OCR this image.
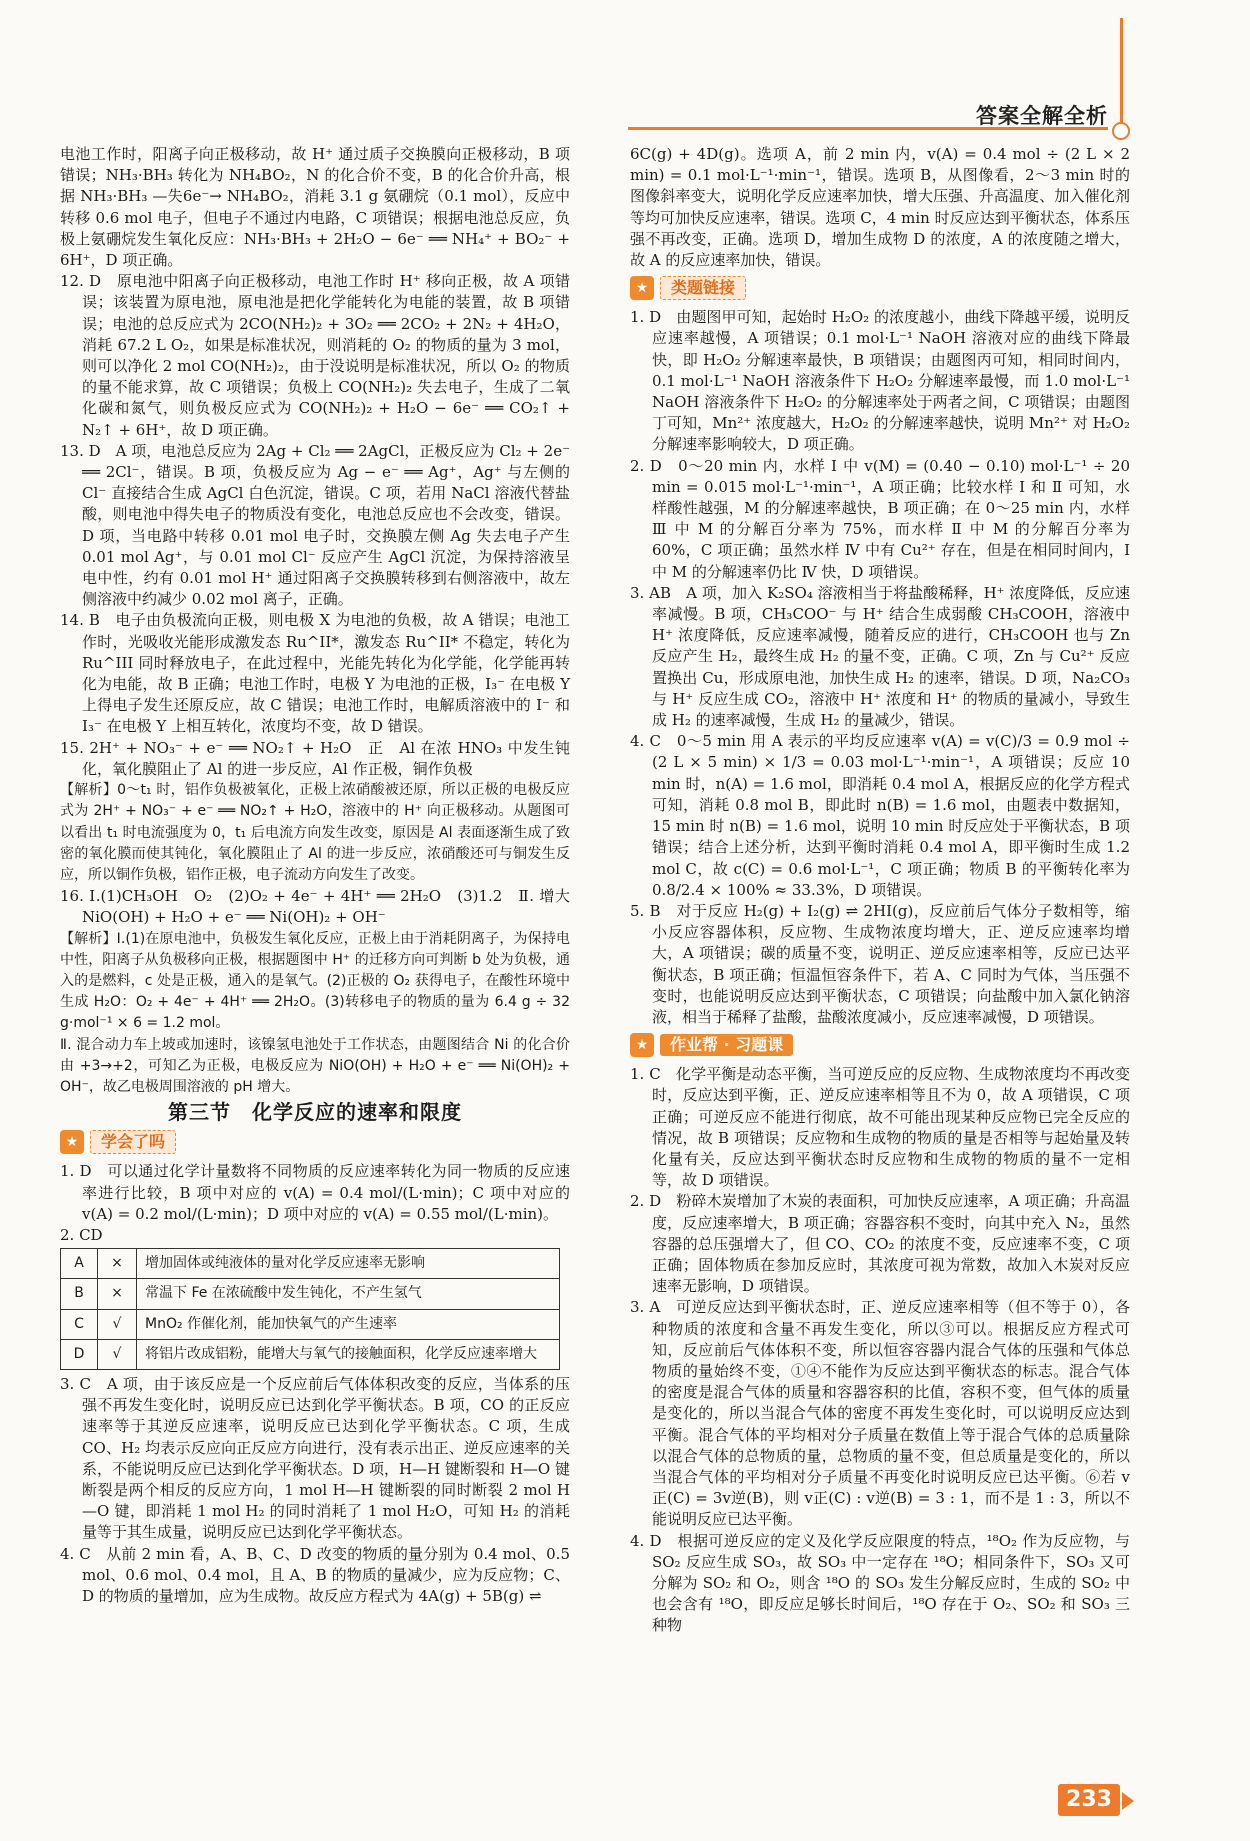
答案全解全析

电池工作时，阳离子向正极移动，故 H⁺ 通过质子交换膜向正极移动，B 项错误；NH₃·BH₃ 转化为 NH₄BO₂，N 的化合价不变，B 的化合价升高，根据 NH₃·BH₃ —失6e⁻→ NH₄BO₂，消耗 3.1 g 氨硼烷（0.1 mol），反应中转移 0.6 mol 电子，但电子不通过内电路，C 项错误；根据电池总反应，负极上氨硼烷发生氧化反应：NH₃·BH₃ + 2H₂O − 6e⁻ ══ NH₄⁺ + BO₂⁻ + 6H⁺，D 项正确。

12. D　原电池中阳离子向正极移动，电池工作时 H⁺ 移向正极，故 A 项错误；该装置为原电池，原电池是把化学能转化为电能的装置，故 B 项错误；电池的总反应式为 2CO(NH₂)₂ + 3O₂ ══ 2CO₂ + 2N₂ + 4H₂O，消耗 67.2 L O₂，如果是标准状况，则消耗的 O₂ 的物质的量为 3 mol，则可以净化 2 mol CO(NH₂)₂，由于没说明是标准状况，所以 O₂ 的物质的量不能求算，故 C 项错误；负极上 CO(NH₂)₂ 失去电子，生成了二氧化碳和氮气，则负极反应式为 CO(NH₂)₂ + H₂O − 6e⁻ ══ CO₂↑ + N₂↑ + 6H⁺，故 D 项正确。

13. D　A 项，电池总反应为 2Ag + Cl₂ ══ 2AgCl，正极反应为 Cl₂ + 2e⁻ ══ 2Cl⁻，错误。B 项，负极反应为 Ag − e⁻ ══ Ag⁺，Ag⁺ 与左侧的 Cl⁻ 直接结合生成 AgCl 白色沉淀，错误。C 项，若用 NaCl 溶液代替盐酸，则电池中得失电子的物质没有变化，电池总反应也不会改变，错误。D 项，当电路中转移 0.01 mol 电子时，交换膜左侧 Ag 失去电子产生 0.01 mol Ag⁺，与 0.01 mol Cl⁻ 反应产生 AgCl 沉淀，为保持溶液呈电中性，约有 0.01 mol H⁺ 通过阳离子交换膜转移到右侧溶液中，故左侧溶液中约减少 0.02 mol 离子，正确。

14. B　电子由负极流向正极，则电极 X 为电池的负极，故 A 错误；电池工作时，光吸收光能形成激发态 Ru^II*，激发态 Ru^II* 不稳定，转化为 Ru^III 同时释放电子，在此过程中，光能先转化为化学能，化学能再转化为电能，故 B 正确；电池工作时，电极 Y 为电池的正极，I₃⁻ 在电极 Y 上得电子发生还原反应，故 C 错误；电池工作时，电解质溶液中的 I⁻ 和 I₃⁻ 在电极 Y 上相互转化，浓度均不变，故 D 错误。

15. 2H⁺ + NO₃⁻ + e⁻ ══ NO₂↑ + H₂O　正　Al 在浓 HNO₃ 中发生钝化，氧化膜阻止了 Al 的进一步反应，Al 作正极，铜作负极

【解析】0～t₁ 时，铝作负极被氧化，正极上浓硝酸被还原，所以正极的电极反应式为 2H⁺ + NO₃⁻ + e⁻ ══ NO₂↑ + H₂O，溶液中的 H⁺ 向正极移动。从题图可以看出 t₁ 时电流强度为 0，t₁ 后电流方向发生改变，原因是 Al 表面逐渐生成了致密的氧化膜而使其钝化，氧化膜阻止了 Al 的进一步反应，浓硝酸还可与铜发生反应，所以铜作负极，铝作正极，电子流动方向发生了改变。

16. Ⅰ.(1)CH₃OH　O₂　(2)O₂ + 4e⁻ + 4H⁺ ══ 2H₂O　(3)1.2　Ⅱ. 增大　NiO(OH) + H₂O + e⁻ ══ Ni(OH)₂ + OH⁻

【解析】Ⅰ.(1)在原电池中，负极发生氧化反应，正极上由于消耗阴离子，为保持电中性，阳离子从负极移向正极，根据题图中 H⁺ 的迁移方向可判断 b 处为负极，通入的是燃料，c 处是正极，通入的是氧气。(2)正极的 O₂ 获得电子，在酸性环境中生成 H₂O：O₂ + 4e⁻ + 4H⁺ ══ 2H₂O。(3)转移电子的物质的量为 6.4 g ÷ 32 g·mol⁻¹ × 6 = 1.2 mol。

Ⅱ. 混合动力车上坡或加速时，该镍氢电池处于工作状态，由题图结合 Ni 的化合价由 +3→+2，可知乙为正极，电极反应为 NiO(OH) + H₂O + e⁻ ══ Ni(OH)₂ + OH⁻，故乙电极周围溶液的 pH 增大。

第三节　化学反应的速率和限度
★	学会了吗

1. D　可以通过化学计量数将不同物质的反应速率转化为同一物质的反应速率进行比较，B 项中对应的 v(A) = 0.4 mol/(L·min)；C 项中对应的 v(A) = 0.2 mol/(L·min)；D 项中对应的 v(A) = 0.55 mol/(L·min)。

2. CD

A	×	增加固体或纯液体的量对化学反应速率无影响
B	×	常温下 Fe 在浓硫酸中发生钝化，不产生氢气
C	√	MnO₂ 作催化剂，能加快氧气的产生速率
D	√	将铝片改成铝粉，能增大与氧气的接触面积，化学反应速率增大

3. C　A 项，由于该反应是一个反应前后气体体积改变的反应，当体系的压强不再发生变化时，说明反应已达到化学平衡状态。B 项，CO 的正反应速率等于其逆反应速率，说明反应已达到化学平衡状态。C 项，生成 CO、H₂ 均表示反应向正反应方向进行，没有表示出正、逆反应速率的关系，不能说明反应已达到化学平衡状态。D 项，H—H 键断裂和 H—O 键断裂是两个相反的反应方向，1 mol H—H 键断裂的同时断裂 2 mol H—O 键，即消耗 1 mol H₂ 的同时消耗了 1 mol H₂O，可知 H₂ 的消耗量等于其生成量，说明反应已达到化学平衡状态。

4. C　从前 2 min 看，A、B、C、D 改变的物质的量分别为 0.4 mol、0.5 mol、0.6 mol、0.4 mol，且 A、B 的物质的量减少，应为反应物；C、D 的物质的量增加，应为生成物。故反应方程式为 4A(g) + 5B(g) ⇌

6C(g) + 4D(g)。选项 A，前 2 min 内，v(A) = 0.4 mol ÷ (2 L × 2 min) = 0.1 mol·L⁻¹·min⁻¹，错误。选项 B，从图像看，2～3 min 时的图像斜率变大，说明化学反应速率加快，增大压强、升高温度、加入催化剂等均可加快反应速率，错误。选项 C，4 min 时反应达到平衡状态，体系压强不再改变，正确。选项 D，增加生成物 D 的浓度，A 的浓度随之增大，故 A 的反应速率加快，错误。

★	类题链接

1. D　由题图甲可知，起始时 H₂O₂ 的浓度越小，曲线下降越平缓，说明反应速率越慢，A 项错误；0.1 mol·L⁻¹ NaOH 溶液对应的曲线下降最快，即 H₂O₂ 分解速率最快，B 项错误；由题图丙可知，相同时间内，0.1 mol·L⁻¹ NaOH 溶液条件下 H₂O₂ 分解速率最慢，而 1.0 mol·L⁻¹ NaOH 溶液条件下 H₂O₂ 的分解速率处于两者之间，C 项错误；由题图丁可知，Mn²⁺ 浓度越大，H₂O₂ 的分解速率越快，说明 Mn²⁺ 对 H₂O₂ 分解速率影响较大，D 项正确。

2. D　0～20 min 内，水样 Ⅰ 中 v(M) = (0.40 − 0.10) mol·L⁻¹ ÷ 20 min = 0.015 mol·L⁻¹·min⁻¹，A 项正确；比较水样 Ⅰ 和 Ⅱ 可知，水样酸性越强，M 的分解速率越快，B 项正确；在 0～25 min 内，水样 Ⅲ 中 M 的分解百分率为 75%，而水样 Ⅱ 中 M 的分解百分率为 60%，C 项正确；虽然水样 Ⅳ 中有 Cu²⁺ 存在，但是在相同时间内，Ⅰ 中 M 的分解速率仍比 Ⅳ 快，D 项错误。

3. AB　A 项，加入 K₂SO₄ 溶液相当于将盐酸稀释，H⁺ 浓度降低，反应速率减慢。B 项，CH₃COO⁻ 与 H⁺ 结合生成弱酸 CH₃COOH，溶液中 H⁺ 浓度降低，反应速率减慢，随着反应的进行，CH₃COOH 也与 Zn 反应产生 H₂，最终生成 H₂ 的量不变，正确。C 项，Zn 与 Cu²⁺ 反应置换出 Cu，形成原电池，加快生成 H₂ 的速率，错误。D 项，Na₂CO₃ 与 H⁺ 反应生成 CO₂，溶液中 H⁺ 浓度和 H⁺ 的物质的量减小，导致生成 H₂ 的速率减慢，生成 H₂ 的量减少，错误。

4. C　0～5 min 用 A 表示的平均反应速率 v(A) = v(C)/3 = 0.9 mol ÷ (2 L × 5 min) × 1/3 = 0.03 mol·L⁻¹·min⁻¹，A 项错误；反应 10 min 时，n(A) = 1.6 mol，即消耗 0.4 mol A，根据反应的化学方程式可知，消耗 0.8 mol B，即此时 n(B) = 1.6 mol，由题表中数据知，15 min 时 n(B) = 1.6 mol，说明 10 min 时反应处于平衡状态，B 项错误；结合上述分析，达到平衡时消耗 0.4 mol A，即平衡时生成 1.2 mol C，故 c(C) = 0.6 mol·L⁻¹，C 项正确；物质 B 的平衡转化率为 0.8/2.4 × 100% ≈ 33.3%，D 项错误。

5. B　对于反应 H₂(g) + I₂(g) ⇌ 2HI(g)，反应前后气体分子数相等，缩小反应容器体积，反应物、生成物浓度均增大，正、逆反应速率均增大，A 项错误；碳的质量不变，说明正、逆反应速率相等，反应已达平衡状态，B 项正确；恒温恒容条件下，若 A、C 同时为气体，当压强不变时，也能说明反应达到平衡状态，C 项错误；向盐酸中加入氯化钠溶液，相当于稀释了盐酸，盐酸浓度减小，反应速率减慢，D 项错误。

★	作业帮 · 习题课

1. C　化学平衡是动态平衡，当可逆反应的反应物、生成物浓度均不再改变时，反应达到平衡，正、逆反应速率相等且不为 0，故 A 项错误，C 项正确；可逆反应不能进行彻底，故不可能出现某种反应物已完全反应的情况，故 B 项错误；反应物和生成物的物质的量是否相等与起始量及转化量有关，反应达到平衡状态时反应物和生成物的物质的量不一定相等，故 D 项错误。

2. D　粉碎木炭增加了木炭的表面积，可加快反应速率，A 项正确；升高温度，反应速率增大，B 项正确；容器容积不变时，向其中充入 N₂，虽然容器的总压强增大了，但 CO、CO₂ 的浓度不变，反应速率不变，C 项正确；固体物质在参加反应时，其浓度可视为常数，故加入木炭对反应速率无影响，D 项错误。

3. A　可逆反应达到平衡状态时，正、逆反应速率相等（但不等于 0），各种物质的浓度和含量不再发生变化，所以③可以。根据反应方程式可知，反应前后气体体积不变，所以恒容容器内混合气体的压强和气体总物质的量始终不变，①④不能作为反应达到平衡状态的标志。混合气体的密度是混合气体的质量和容器容积的比值，容积不变，但气体的质量是变化的，所以当混合气体的密度不再发生变化时，可以说明反应达到平衡。混合气体的平均相对分子质量在数值上等于混合气体的总质量除以混合气体的总物质的量，总物质的量不变，但总质量是变化的，所以当混合气体的平均相对分子质量不再变化时说明反应已达平衡。⑥若 v正(C) = 3v逆(B)，则 v正(C) : v逆(B) = 3 : 1，而不是 1 : 3，所以不能说明反应已达平衡。

4. D　根据可逆反应的定义及化学反应限度的特点，¹⁸O₂ 作为反应物，与 SO₂ 反应生成 SO₃，故 SO₃ 中一定存在 ¹⁸O；相同条件下，SO₃ 又可分解为 SO₂ 和 O₂，则含 ¹⁸O 的 SO₃ 发生分解反应时，生成的 SO₂ 中也会含有 ¹⁸O，即反应足够长时间后，¹⁸O 存在于 O₂、SO₂ 和 SO₃ 三种物

233
